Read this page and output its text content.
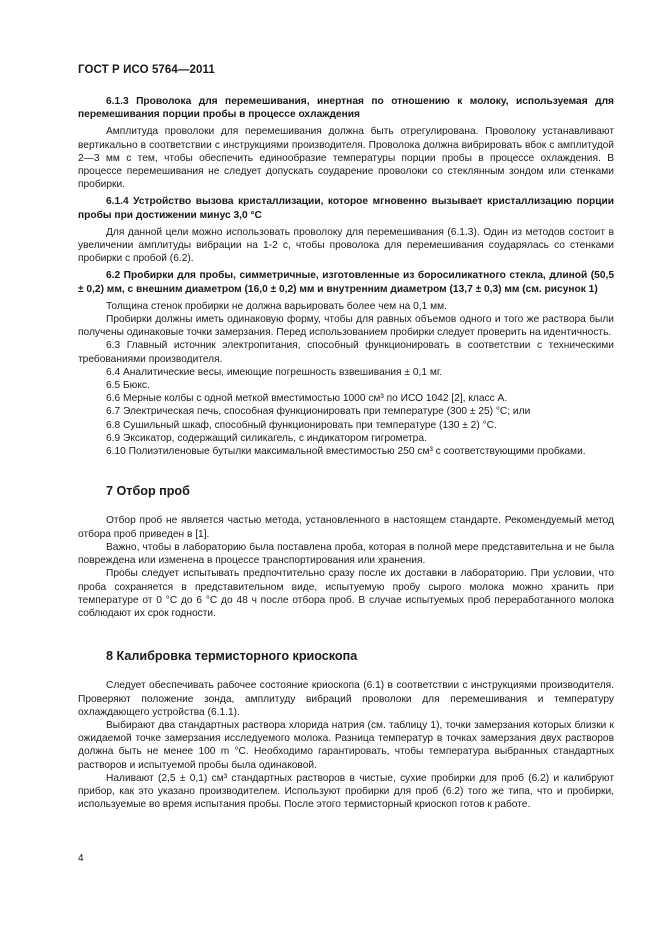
ГОСТ Р ИСО 5764—2011

6.1.3 Проволока для перемешивания, инертная по отношению к молоку, используемая для перемешивания порции пробы в процессе охлаждения

Амплитуда проволоки для перемешивания должна быть отрегулирована. Проволоку устанавливают вертикально в соответствии с инструкциями производителя. Проволока должна вибрировать вбок с амплитудой 2—3 мм с тем, чтобы обеспечить единообразие температуры порции пробы в процессе охлаждения. В процессе перемешивания не следует допускать соударение проволоки со стеклянным зондом или стенками пробирки.

6.1.4 Устройство вызова кристаллизации, которое мгновенно вызывает кристаллизацию порции пробы при достижении минус 3,0 °С

Для данной цели можно использовать проволоку для перемешивания (6.1.3). Один из методов состоит в увеличении амплитуды вибрации на 1-2 с, чтобы проволока для перемешивания соударялась со стенками пробирки с пробой (6.2).

6.2 Пробирки для пробы, симметричные, изготовленные из боросиликатного стекла, длиной (50,5 ± 0,2) мм, с внешним диаметром (16,0 ± 0,2) мм и внутренним диаметром (13,7 ± 0,3) мм (см. рисунок 1)

Толщина стенок пробирки не должна варьировать более чем на 0,1 мм.

Пробирки должны иметь одинаковую форму, чтобы для равных объемов одного и того же раствора были получены одинаковые точки замерзания. Перед использованием пробирки следует проверить на идентичность.

6.3 Главный источник электропитания, способный функционировать в соответствии с техническими требованиями производителя.

6.4 Аналитические весы, имеющие погрешность взвешивания ± 0,1 мг.

6.5 Бюкс.

6.6 Мерные колбы с одной меткой вместимостью 1000 см³ по ИСО 1042 [2], класс А.

6.7 Электрическая печь, способная функционировать при температуре (300 ± 25) °С; или

6.8 Сушильный шкаф, способный функционировать при температуре (130 ± 2) °С.

6.9 Эксикатор, содержащий силикагель, с индикатором гигрометра.

6.10 Полиэтиленовые бутылки максимальной вместимостью 250 см³ с соответствующими пробками.

7 Отбор проб

Отбор проб не является частью метода, установленного в настоящем стандарте. Рекомендуемый метод отбора проб приведен в [1].

Важно, чтобы в лабораторию была поставлена проба, которая в полной мере представительна и не была повреждена или изменена в процессе транспортирования или хранения.

Пробы следует испытывать предпочтительно сразу после их доставки в лабораторию. При условии, что проба сохраняется в представительном виде, испытуемую пробу сырого молока можно хранить при температуре от 0 °С до 6 °С до 48 ч после отбора проб. В случае испытуемых проб переработанного молока соблюдают их срок годности.

8 Калибровка термисторного криоскопа

Следует обеспечивать рабочее состояние криоскопа (6.1) в соответствии с инструкциями производителя. Проверяют положение зонда, амплитуду вибраций проволоки для перемешивания и температуру охлаждающего устройства (6.1.1).

Выбирают два стандартных раствора хлорида натрия (см. таблицу 1), точки замерзания которых близки к ожидаемой точке замерзания исследуемого молока. Разница температур в точках замерзания двух растворов должна быть не менее 100 m °С. Необходимо гарантировать, чтобы температура выбранных стандартных растворов и испытуемой пробы была одинаковой.

Наливают (2,5 ± 0,1) см³ стандартных растворов в чистые, сухие пробирки для проб (6.2) и калибруют прибор, как это указано производителем. Используют пробирки для проб (6.2) того же типа, что и пробирки, используемые во время испытания пробы. После этого термисторный криоскоп готов к работе.

4
